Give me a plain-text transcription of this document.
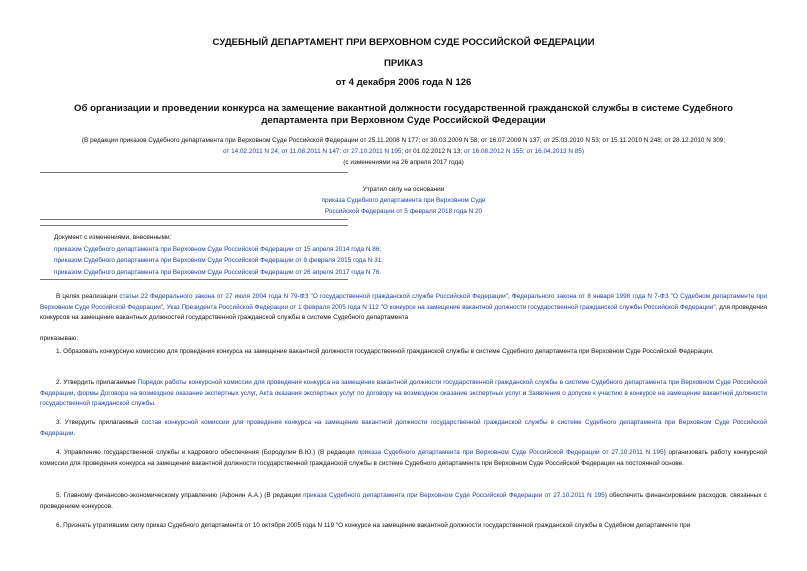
СУДЕБНЫЙ ДЕПАРТАМЕНТ ПРИ ВЕРХОВНОМ СУДЕ РОССИЙСКОЙ ФЕДЕРАЦИИ
ПРИКАЗ
от 4 декабря 2006 года N 126
Об организации и проведении конкурса на замещение вакантной должности государственной гражданской службы в системе Судебного департамента при Верховном Суде Российской Федерации
(В редакции приказов Судебного департамента при Верховном Суде Российской Федерации от 25.11.2008 N 177; от 30.03.2009 N 58; от 16.07.2009 N 137; от 25.03.2010 N 53; от 15.11.2010 N 248; от 28.12.2010 N 309;
от 14.02.2011 N 24; от 11.08.2011 N 147; от 27.10.2011 N 195; от 01.02.2012 N 13; от 16.08.2012 N 155; от 16.04.2013 N 85)
(с изменениями на 26 апреля 2017 года)
Утратил силу на основании
приказа Судебного департамента при Верховном Суде
Российской Федерации от 5 февраля 2018 года N 20
Документ с изменениями, внесенными:
приказом Судебного департамента при Верховном Суде Российской Федерации от 15 апреля 2014 года N 86;
приказом Судебного департамента при Верховном Суде Российской Федерации от 9 февраля 2015 года N 31;
приказом Судебного департамента при Верховном Суде Российской Федерации от 26 апреля 2017 года N 76.
В целях реализации статьи 22 Федерального закона от 27 июля 2004 года N 79-ФЗ "О государственной гражданской службе Российской Федерации", Федерального закона от 8 января 1998 года N 7-ФЗ "О Судебном департаменте при Верховном Суде Российской Федерации", Указ Президента Российской Федерации от 1 февраля 2005 года N 112 "О конкурсе на замещение вакантной должности государственной гражданской службы Российской Федерации", для проведения конкурсов на замещение вакантных должностей государственной гражданской службы в системе Судебного департамента
приказываю:
1. Образовать конкурсную комиссию для проведения конкурса на замещение вакантной должности государственной гражданской службы в системе Судебного департамента при Верховном Суде Российской Федерации.
2. Утвердить прилагаемые Порядок работы конкурсной комиссии для проведения конкурса на замещение вакантной должности государственной гражданской службы в системе Судебного департамента при Верховном Суде Российской Федерации, формы Договора на возмездное оказание экспертных услуг, Акта оказания экспертных услуг по договору на возмездное оказание экспертных услуг и Заявления о допуске к участию в конкурсе на замещение вакантной должности государственной гражданской службы.
3. Утвердить прилагаемый состав конкурсной комиссии для проведения конкурса на замещение вакантной должности государственной гражданской службы в системе Судебного департамента при Верховном Суде Российской Федерации.
4. Управлению государственной службы и кадрового обеспечения (Бородулин В.Ю.) (В редакции приказа Судебного департамента при Верховном Суде Российской Федерации от 27.10.2011 N 195) организовать работу конкурсной комиссии для проведения конкурса на замещение вакантной должности государственной гражданской службы в системе Судебного департамента при Верховном Суде Российской Федерации на постоянной основе.
5. Главному финансово-экономическому управлению (Афонин А.А.) (В редакции приказа Судебного департамента при Верховном Суде Российской Федерации от 27.10.2011 N 195) обеспечить финансирование расходов, связанных с проведением конкурсов.
6. Признать утратившим силу приказ Судебного департамента от 10 октября 2005 года N 119 "О конкурсе на замещение вакантной должности государственной гражданской службы в Судебном департаменте при
